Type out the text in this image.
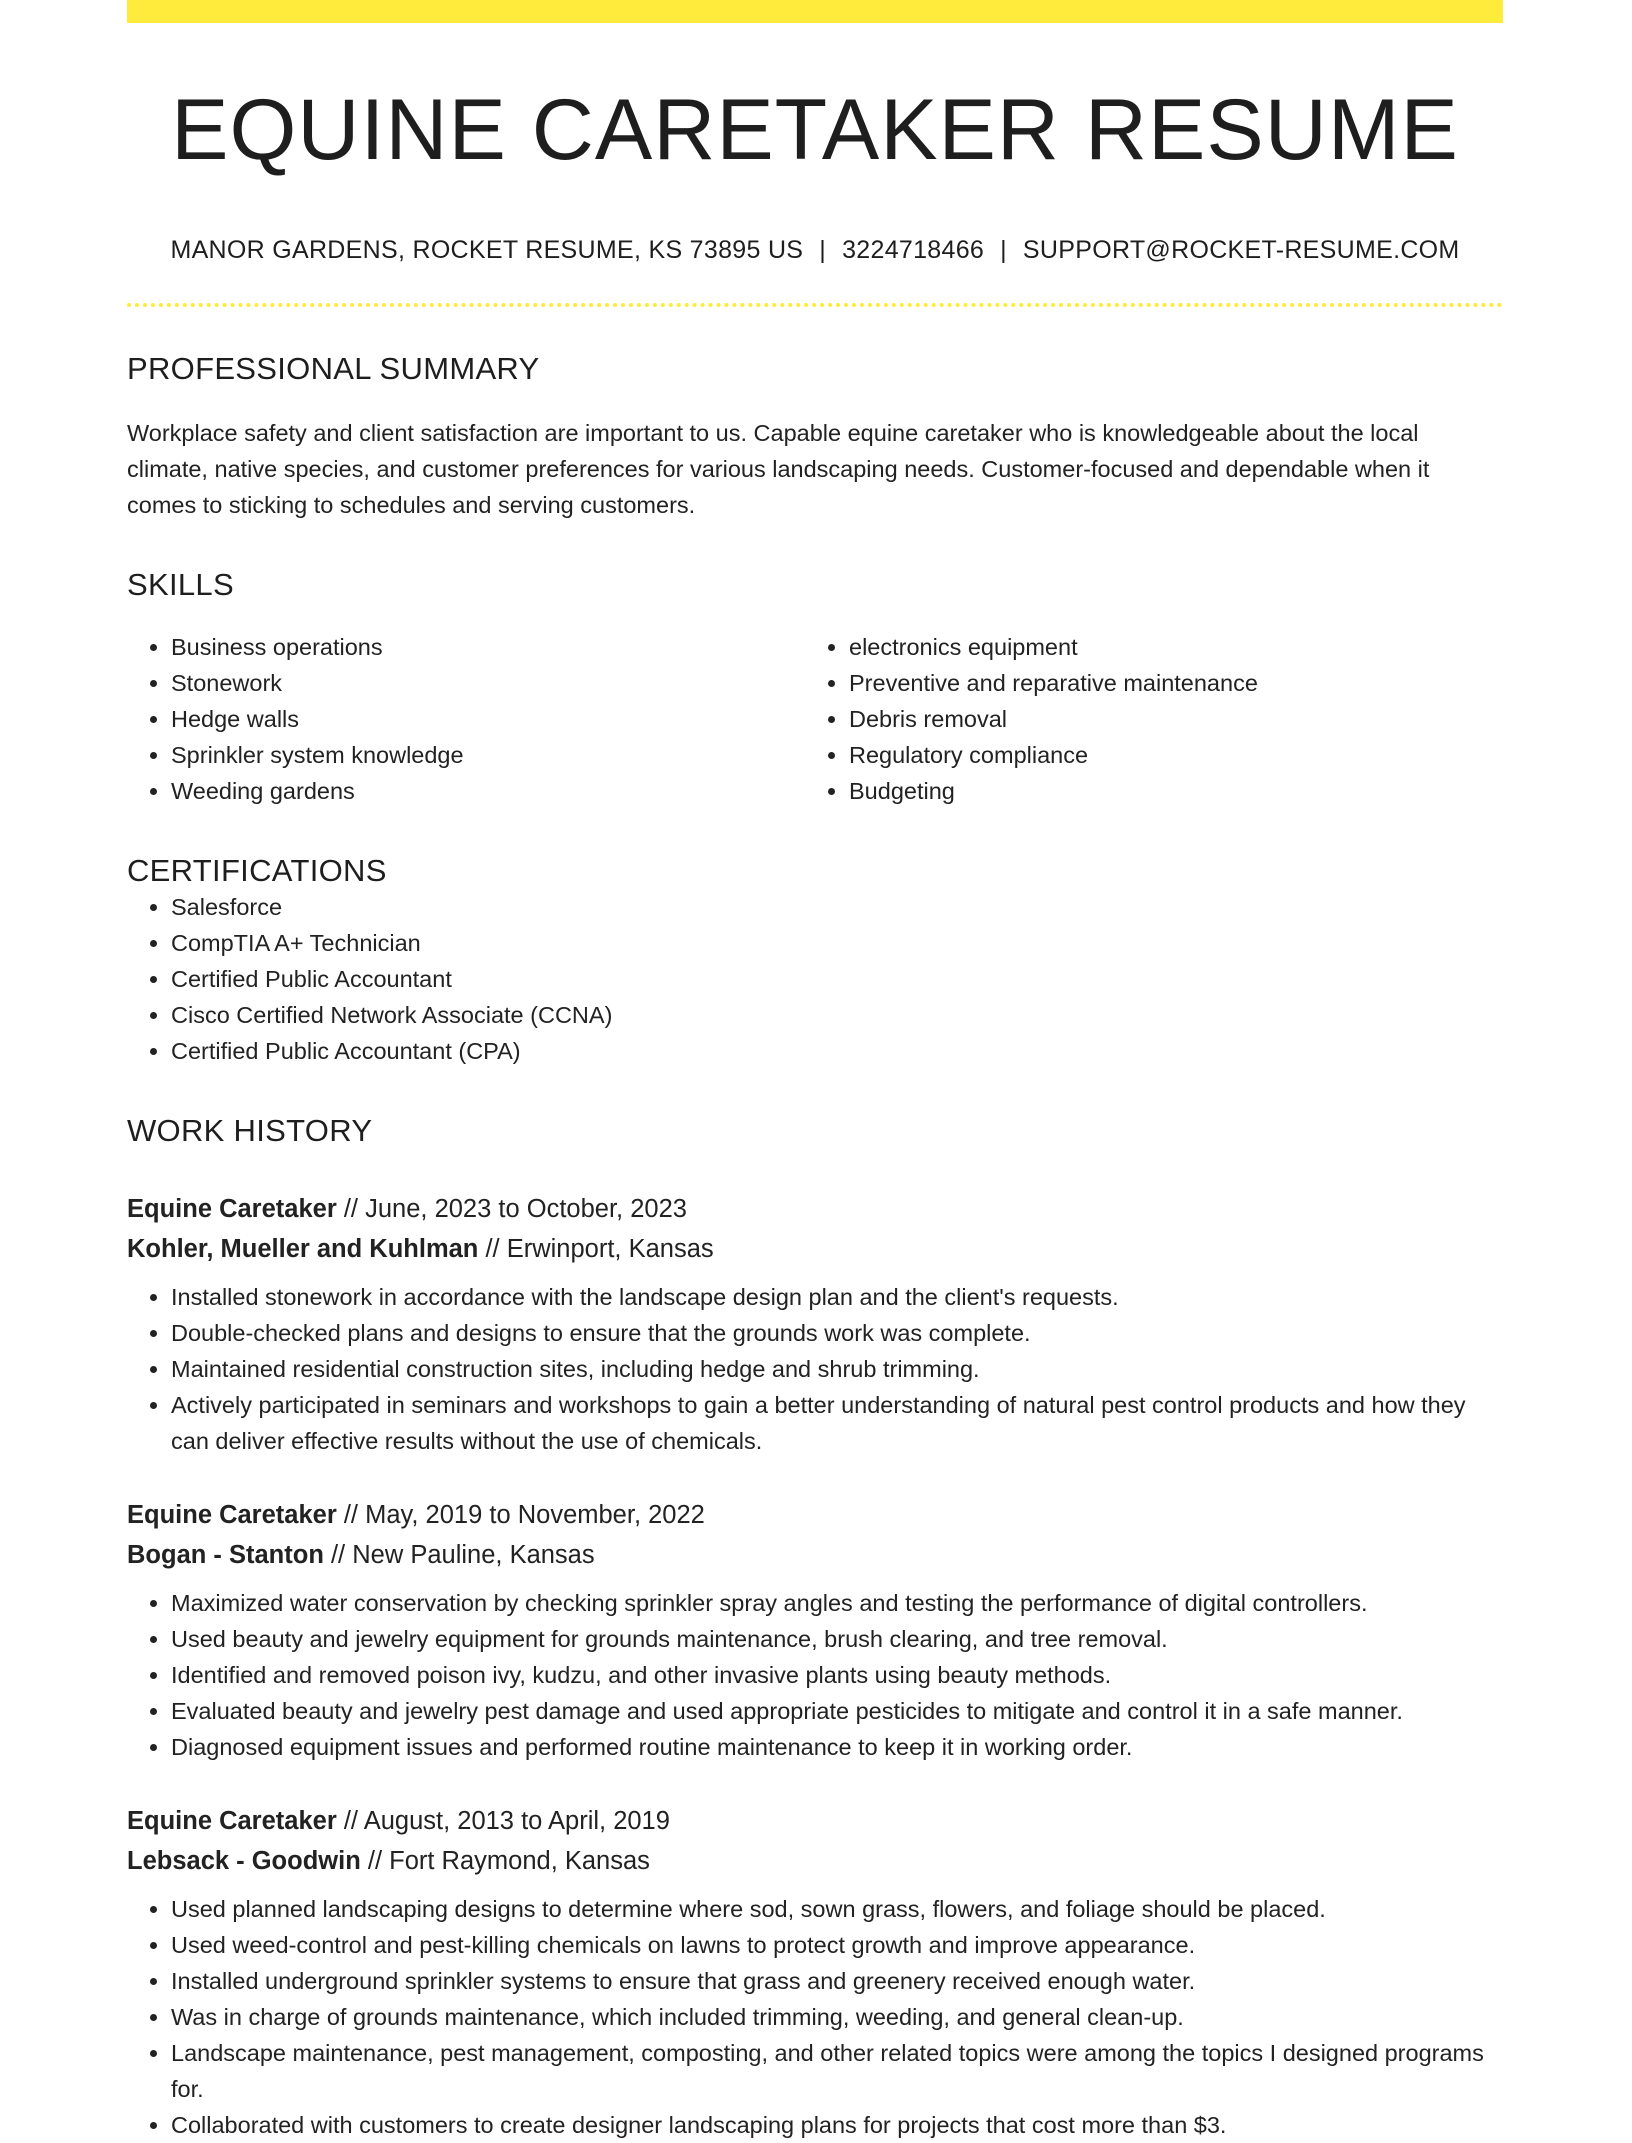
EQUINE CARETAKER RESUME
MANOR GARDENS, ROCKET RESUME, KS 73895 US | 3224718466 | SUPPORT@ROCKET-RESUME.COM
PROFESSIONAL SUMMARY
Workplace safety and client satisfaction are important to us. Capable equine caretaker who is knowledgeable about the local climate, native species, and customer preferences for various landscaping needs. Customer-focused and dependable when it comes to sticking to schedules and serving customers.
SKILLS
• Business operations
• Stonework
• Hedge walls
• Sprinkler system knowledge
• Weeding gardens
• electronics equipment
• Preventive and reparative maintenance
• Debris removal
• Regulatory compliance
• Budgeting
CERTIFICATIONS
• Salesforce
• CompTIA A+ Technician
• Certified Public Accountant
• Cisco Certified Network Associate (CCNA)
• Certified Public Accountant (CPA)
WORK HISTORY
Equine Caretaker // June, 2023 to October, 2023
Kohler, Mueller and Kuhlman // Erwinport, Kansas
• Installed stonework in accordance with the landscape design plan and the client's requests.
• Double-checked plans and designs to ensure that the grounds work was complete.
• Maintained residential construction sites, including hedge and shrub trimming.
• Actively participated in seminars and workshops to gain a better understanding of natural pest control products and how they can deliver effective results without the use of chemicals.
Equine Caretaker // May, 2019 to November, 2022
Bogan - Stanton // New Pauline, Kansas
• Maximized water conservation by checking sprinkler spray angles and testing the performance of digital controllers.
• Used beauty and jewelry equipment for grounds maintenance, brush clearing, and tree removal.
• Identified and removed poison ivy, kudzu, and other invasive plants using beauty methods.
• Evaluated beauty and jewelry pest damage and used appropriate pesticides to mitigate and control it in a safe manner.
• Diagnosed equipment issues and performed routine maintenance to keep it in working order.
Equine Caretaker // August, 2013 to April, 2019
Lebsack - Goodwin // Fort Raymond, Kansas
• Used planned landscaping designs to determine where sod, sown grass, flowers, and foliage should be placed.
• Used weed-control and pest-killing chemicals on lawns to protect growth and improve appearance.
• Installed underground sprinkler systems to ensure that grass and greenery received enough water.
• Was in charge of grounds maintenance, which included trimming, weeding, and general clean-up.
• Landscape maintenance, pest management, composting, and other related topics were among the topics I designed programs for.
• Collaborated with customers to create designer landscaping plans for projects that cost more than $3.
